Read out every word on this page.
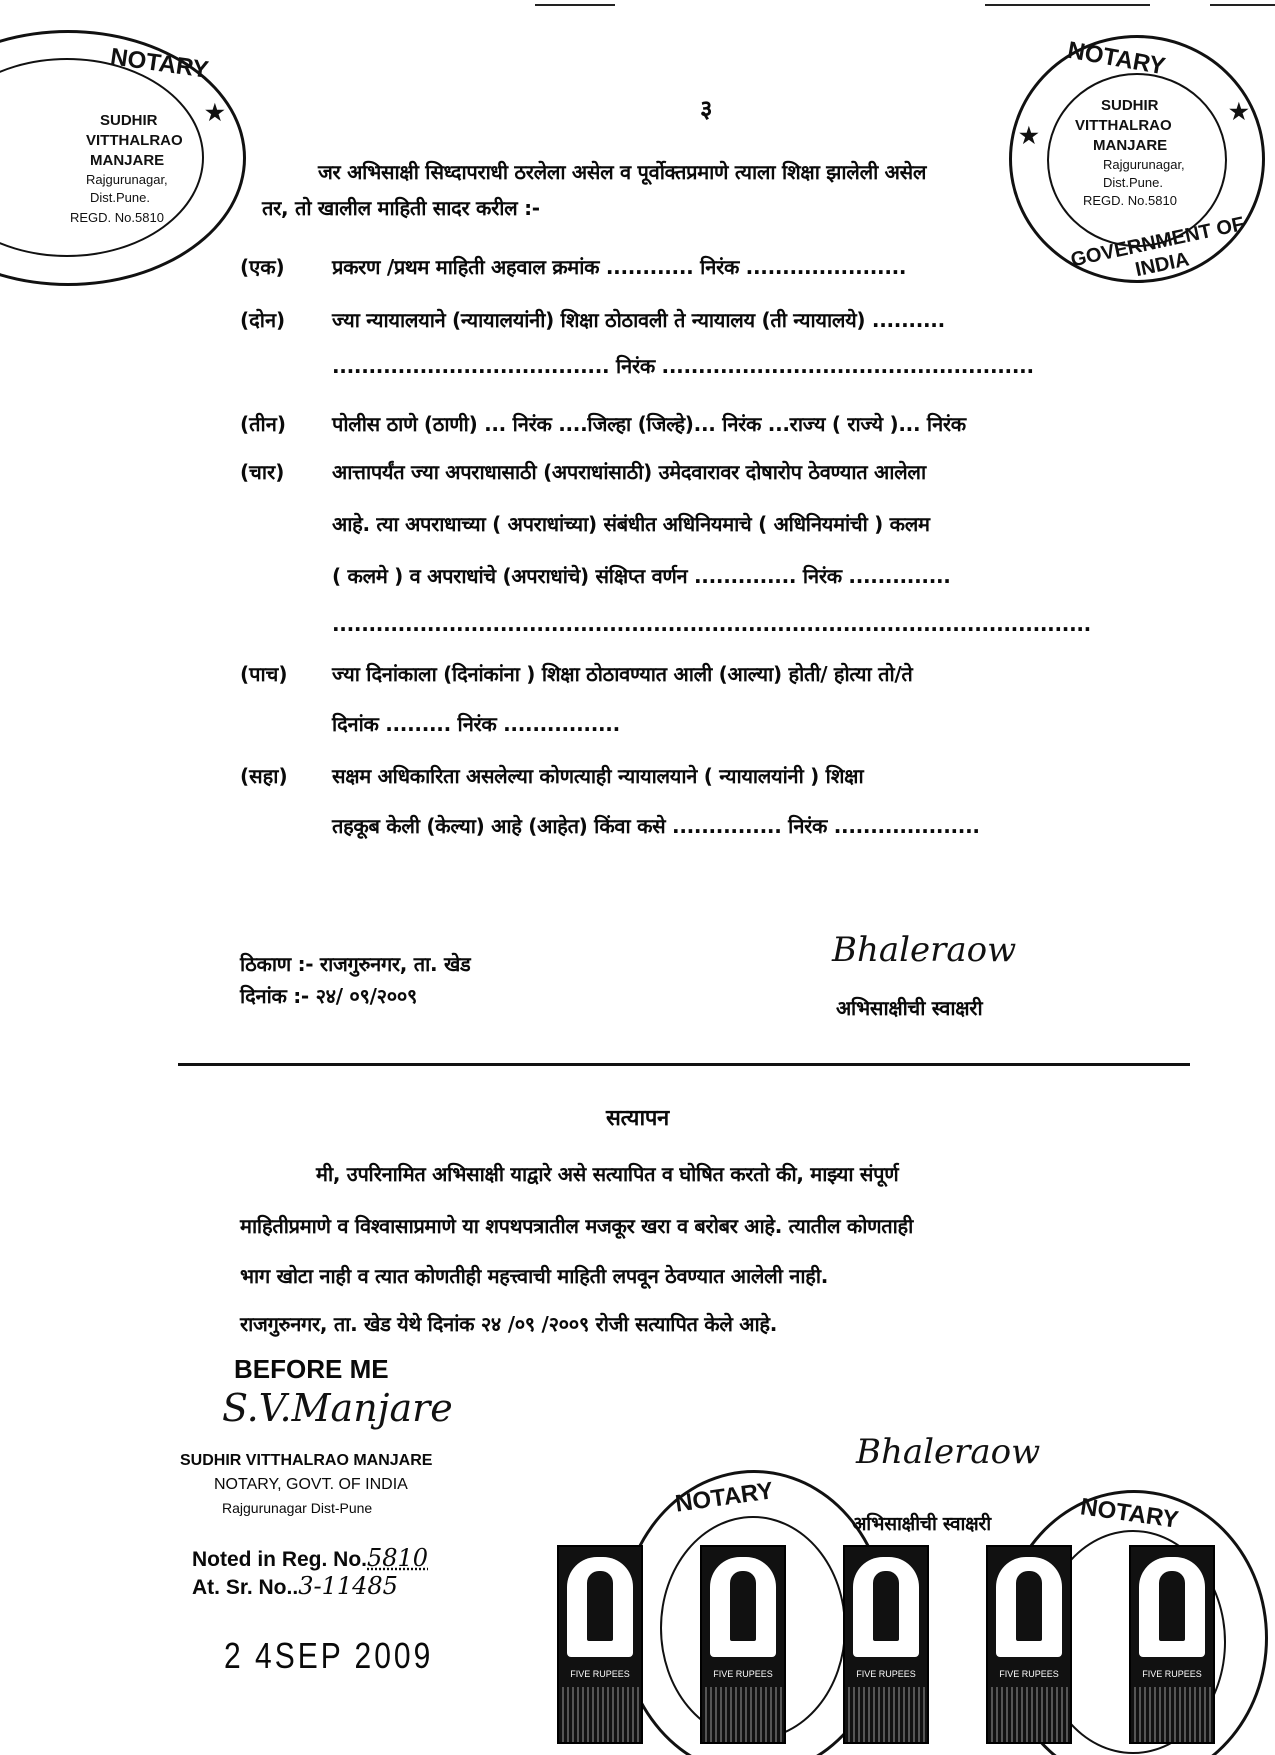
NOTARY
SUDHIR
VITTHALRAO
MANJARE
Rajgurunagar,
Dist.Pune.
REGD. No.5810
★
NOTARY
SUDHIR
VITTHALRAO
MANJARE
Rajgurunagar,
Dist.Pune.
REGD. No.5810
★
★
GOVERNMENT OF INDIA
३
जर अभिसाक्षी सिध्दापराधी ठरलेला असेल व पूर्वोक्तप्रमाणे त्याला शिक्षा झालेली असेल
तर, तो खालील माहिती सादर करील :-
(एक) प्रकरण /प्रथम माहिती अहवाल क्रमांक ............ निरंक ......................
(दोन) ज्या न्यायालयाने (न्यायालयांनी) शिक्षा ठोठावली ते न्यायालय (ती न्यायालये) ..........
...................................... निरंक ...................................................
(तीन) पोलीस ठाणे (ठाणी) ... निरंक ....जिल्हा (जिल्हे)... निरंक ...राज्य ( राज्ये )... निरंक
(चार) आत्तापर्यंत ज्या अपराधासाठी (अपराधांसाठी) उमेदवारावर दोषारोप ठेवण्यात आलेला
आहे. त्या अपराधाच्या ( अपराधांच्या) संबंधीत अधिनियमाचे ( अधिनियमांची ) कलम
( कलमे ) व अपराधांचे (अपराधांचे) संक्षिप्त वर्णन .............. निरंक ..............
........................................................................................................
(पाच) ज्या दिनांकाला (दिनांकांना ) शिक्षा ठोठावण्यात आली (आल्या) होती/ होत्या तो/ते
दिनांक ......... निरंक ................
(सहा) सक्षम अधिकारिता असलेल्या कोणत्याही न्यायालयाने ( न्यायालयांनी ) शिक्षा
तहकूब केली (केल्या) आहे (आहेत) किंवा कसे ............... निरंक ....................
ठिकाण :- राजगुरुनगर, ता. खेड
दिनांक :- २४/ ०९/२००९
Bhaleraow
अभिसाक्षीची स्वाक्षरी
सत्यापन
मी, उपरिनामित अभिसाक्षी याद्वारे असे सत्यापित व घोषित करतो की, माझ्या संपूर्ण
माहितीप्रमाणे व विश्वासाप्रमाणे या शपथपत्रातील मजकूर खरा व बरोबर आहे. त्यातील कोणताही
भाग खोटा नाही व त्यात कोणतीही महत्त्वाची माहिती लपवून ठेवण्यात आलेली नाही.
राजगुरुनगर, ता. खेड येथे दिनांक २४ /०९ /२००९ रोजी सत्यापित केले आहे.
BEFORE ME
S.V.Manjare
SUDHIR VITTHALRAO MANJARE
NOTARY, GOVT. OF INDIA
Rajgurunagar Dist-Pune
Noted in Reg. No.5810
At. Sr. No..3-11485
2 4SEP 2009
NOTARY	NOTARY
Bhaleraow
अभिसाक्षीची स्वाक्षरी
FIVE RUPEES	FIVE RUPEES	FIVE RUPEES	FIVE RUPEES	FIVE RUPEES
